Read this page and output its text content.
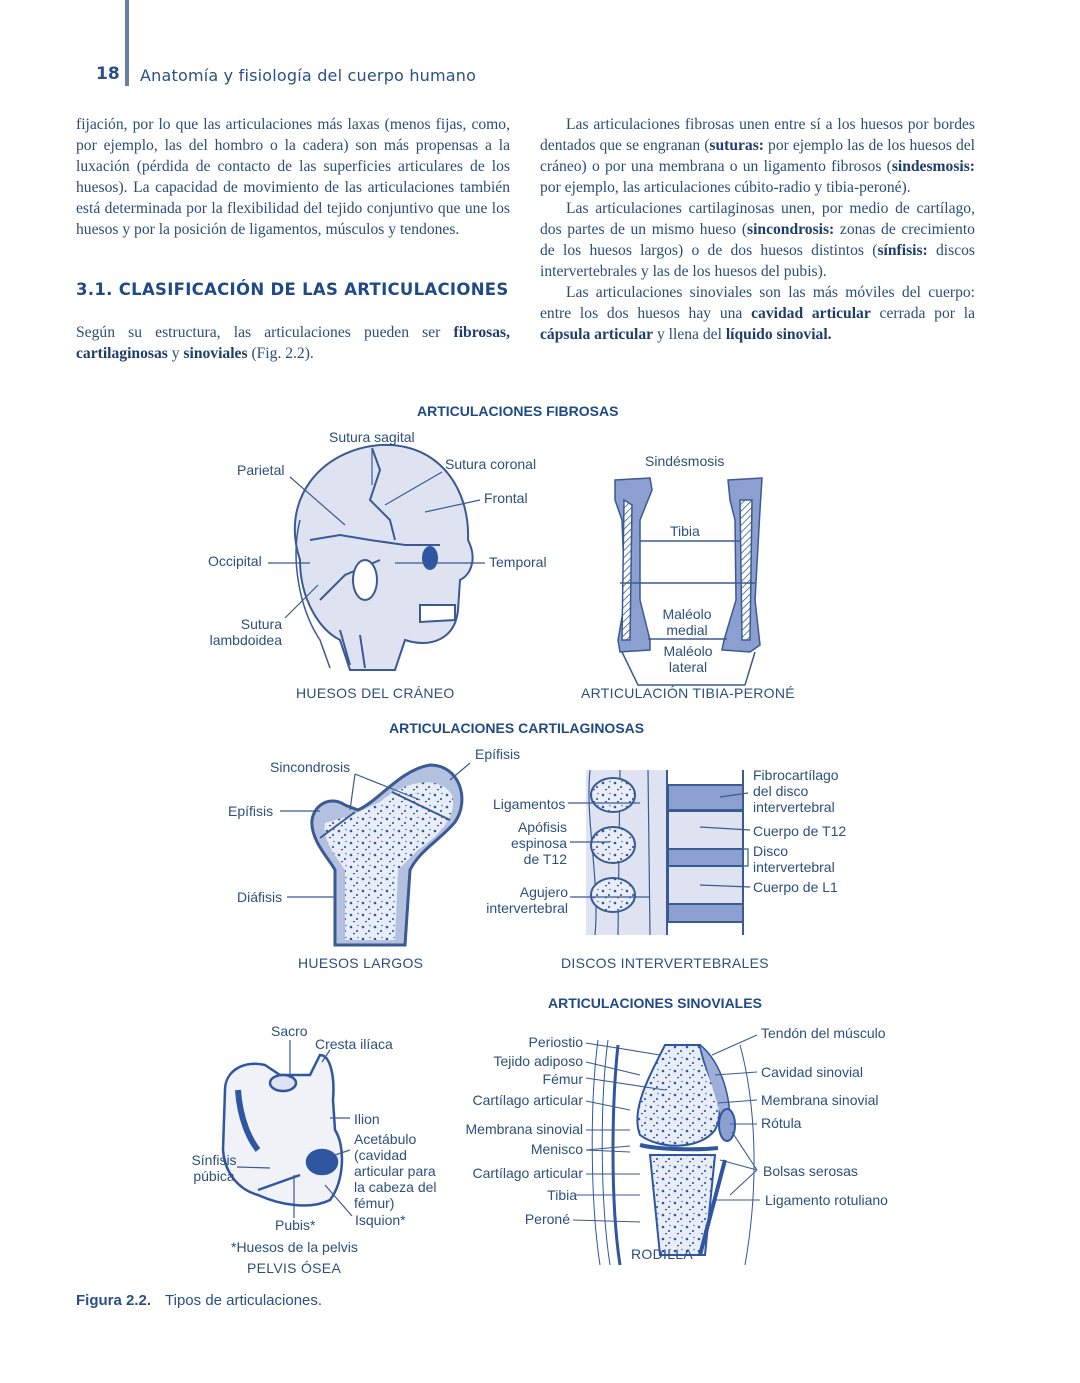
18 Anatomía y fisiología del cuerpo humano

fijación, por lo que las articulaciones más laxas (menos fijas, como, por ejemplo, las del hombro o la cadera) son más propensas a la luxación (pérdida de contacto de las superficies articulares de los huesos). La capacidad de movimiento de las articulaciones también está determinada por la flexibilidad del tejido conjuntivo que une los huesos y por la posición de ligamentos, músculos y tendones.

3.1. CLASIFICACIÓN DE LAS ARTICULACIONES

Según su estructura, las articulaciones pueden ser fibrosas, cartilaginosas y sinoviales (Fig. 2.2).

Las articulaciones fibrosas unen entre sí a los huesos por bordes dentados que se engranan (suturas: por ejemplo las de los huesos del cráneo) o por una membrana o un ligamento fibrosos (sindesmosis: por ejemplo, las articulaciones cúbito-radio y tibia-peroné).

Las articulaciones cartilaginosas unen, por medio de cartílago, dos partes de un mismo hueso (sincondrosis: zonas de crecimiento de los huesos largos) o de dos huesos distintos (sínfisis: discos intervertebrales y las de los huesos del pubis).

Las articulaciones sinoviales son las más móviles del cuerpo: entre los dos huesos hay una cavidad articular cerrada por la cápsula articular y llena del líquido sinovial.

ARTICULACIONES FIBROSAS
ARTICULACIONES CARTILAGINOSAS
ARTICULACIONES SINOVIALES
Sutura sagital
Parietal	Sutura coronal
Frontal
Occipital	Temporal
Sutura
lambdoidea
HUESOS DEL CRÁNEO
Sindésmosis
Tibia
Maléolo
medial
Maléolo
lateral
ARTICULACIÓN TIBIA-PERONÉ
Epífisis
Sincondrosis
Epífisis
Diáfisis
HUESOS LARGOS
Ligamentos
Apófisis
espinosa
de T12
Agujero
intervertebral
Fibrocartílago
del disco
intervertebral
Cuerpo de T12
Disco
intervertebral
Cuerpo de L1
DISCOS INTERVERTEBRALES
Sacro
Cresta ilíaca
Ilion
Acetábulo
(cavidad
articular para
la cabeza del
fémur)
Isquion*
Sínfisis
púbica
Pubis*
*Huesos de la pelvis
PELVIS ÓSEA
Periostio
Tejido adiposo
Fémur
Cartílago articular
Membrana sinovial
Menisco
Cartílago articular
Tibia
Peroné
Tendón del músculo
Cavidad sinovial
Membrana sinovial
Rótula
Bolsas serosas
Ligamento rotuliano
RODILLA
Figura 2.2. Tipos de articulaciones.
